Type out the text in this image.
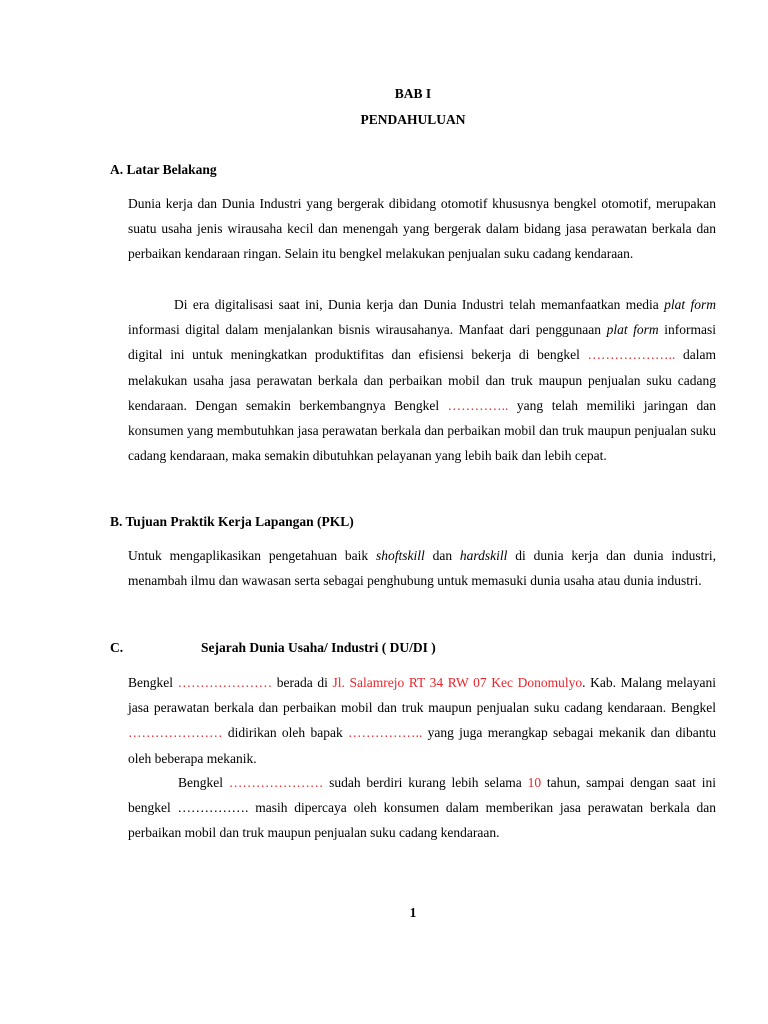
BAB I
PENDAHULUAN
A. Latar Belakang

Dunia kerja dan Dunia Industri yang bergerak dibidang otomotif khususnya bengkel otomotif, merupakan suatu usaha jenis wirausaha kecil dan menengah yang bergerak dalam bidang jasa perawatan berkala dan perbaikan kendaraan ringan. Selain itu bengkel melakukan penjualan suku cadang kendaraan.

Di era digitalisasi saat ini, Dunia kerja dan Dunia Industri telah memanfaatkan media plat form informasi digital dalam menjalankan bisnis wirausahanya. Manfaat dari penggunaan plat form informasi digital ini untuk meningkatkan produktifitas dan efisiensi bekerja di bengkel ……………….. dalam melakukan usaha jasa perawatan berkala dan perbaikan mobil dan truk maupun penjualan suku cadang kendaraan. Dengan semakin berkembangnya Bengkel ………….. yang telah memiliki jaringan dan konsumen yang membutuhkan jasa perawatan berkala dan perbaikan mobil dan truk maupun penjualan suku cadang kendaraan, maka semakin dibutuhkan pelayanan yang lebih baik dan lebih cepat.

B. Tujuan Praktik Kerja Lapangan (PKL)

Untuk mengaplikasikan pengetahuan baik shoftskill dan hardskill di dunia kerja dan dunia industri, menambah ilmu dan wawasan serta sebagai penghubung untuk memasuki dunia usaha atau dunia industri.

C.	Sejarah Dunia Usaha/ Industri ( DU/DI )

Bengkel ………………… berada di Jl. Salamrejo RT 34 RW 07 Kec Donomulyo. Kab. Malang melayani jasa perawatan berkala dan perbaikan mobil dan truk maupun penjualan suku cadang kendaraan. Bengkel ………………… didirikan oleh bapak …………….. yang juga merangkap sebagai mekanik dan dibantu oleh beberapa mekanik.

Bengkel ………………… sudah berdiri kurang lebih selama 10 tahun, sampai dengan saat ini bengkel ……………. masih dipercaya oleh konsumen dalam memberikan jasa perawatan berkala dan perbaikan mobil dan truk maupun penjualan suku cadang kendaraan.

1
